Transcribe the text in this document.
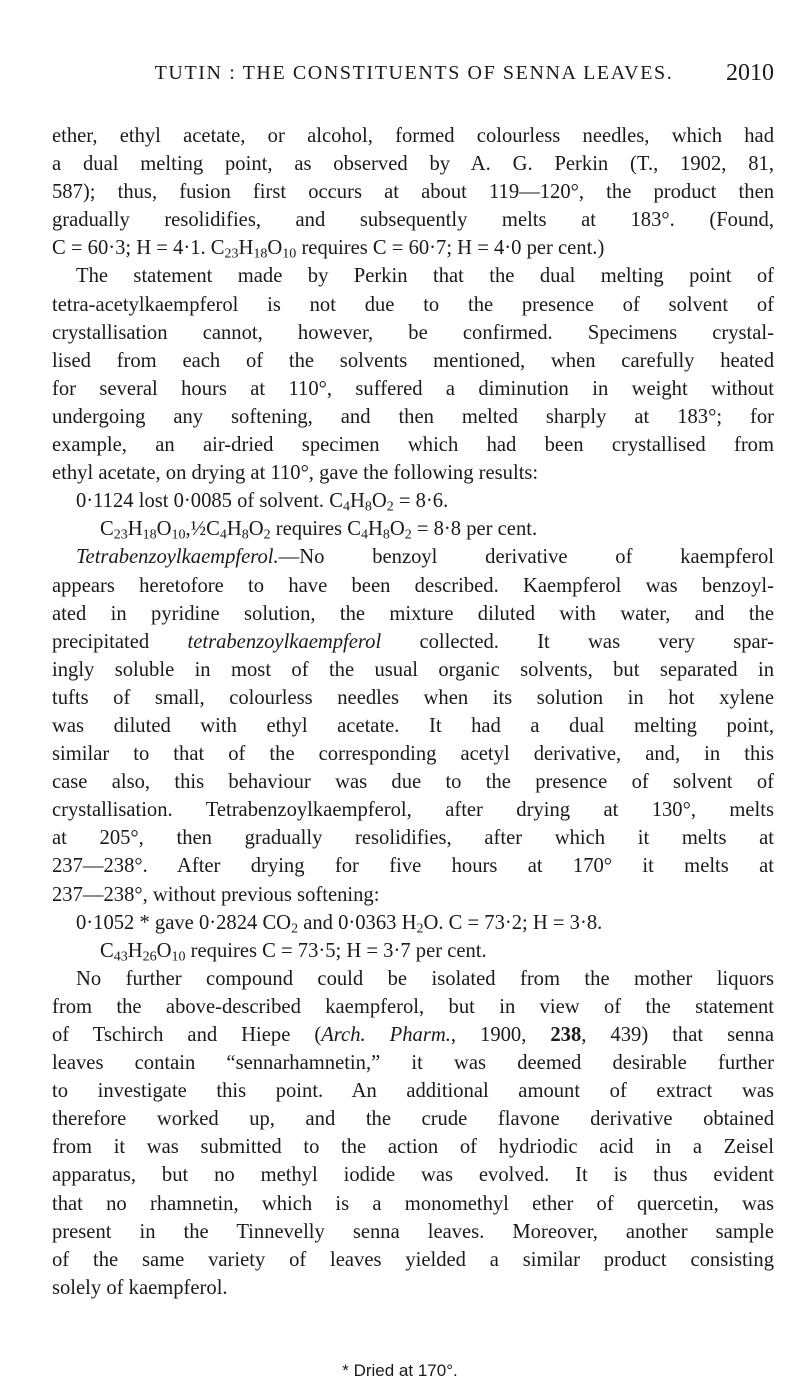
TUTIN : THE CONSTITUENTS OF SENNA LEAVES.	2010
ether, ethyl acetate, or alcohol, formed colourless needles, which had
a dual melting point, as observed by A. G. Perkin (T., 1902, 81,
587); thus, fusion first occurs at about 119—120°, the product then
gradually resolidifies, and subsequently melts at 183°. (Found,
C = 60·3; H = 4·1. $C_{23}H_{18}O_{10}$ requires C = 60·7; H = 4·0 per cent.)
The statement made by Perkin that the dual melting point of
tetra-acetylkaempferol is not due to the presence of solvent of
crystallisation cannot, however, be confirmed. Specimens crystal-
lised from each of the solvents mentioned, when carefully heated
for several hours at 110°, suffered a diminution in weight without
undergoing any softening, and then melted sharply at 183°; for
example, an air-dried specimen which had been crystallised from
ethyl acetate, on drying at 110°, gave the following results:
0·1124 lost 0·0085 of solvent. $C_4H_8O_2 = 8\cdot 6$.
$C_{23}H_{18}O_{10},\frac{1}{2}C_4H_8O_2$ requires $C_4H_8O_2 = 8\cdot 8$ per cent.
Tetrabenzoylkaempferol.—No benzoyl derivative of kaempferol
appears heretofore to have been described. Kaempferol was benzoyl-
ated in pyridine solution, the mixture diluted with water, and the
precipitated tetrabenzoylkaempferol collected. It was very spar-
ingly soluble in most of the usual organic solvents, but separated in
tufts of small, colourless needles when its solution in hot xylene
was diluted with ethyl acetate. It had a dual melting point,
similar to that of the corresponding acetyl derivative, and, in this
case also, this behaviour was due to the presence of solvent of
crystallisation. Tetrabenzoylkaempferol, after drying at 130°, melts
at 205°, then gradually resolidifies, after which it melts at
237—238°. After drying for five hours at 170° it melts at
237—238°, without previous softening:
0·1052 * gave 0·2824 $CO_2$ and 0·0363 $H_2O$. C = 73·2; H = 3·8.
$C_{43}H_{26}O_{10}$ requires C = 73·5; H = 3·7 per cent.
No further compound could be isolated from the mother liquors
from the above-described kaempferol, but in view of the statement
of Tschirch and Hiepe (Arch. Pharm., 1900, 238, 439) that senna
leaves contain “sennarhamnetin,” it was deemed desirable further
to investigate this point. An additional amount of extract was
therefore worked up, and the crude flavone derivative obtained
from it was submitted to the action of hydriodic acid in a Zeisel
apparatus, but no methyl iodide was evolved. It is thus evident
that no rhamnetin, which is a monomethyl ether of quercetin, was
present in the Tinnevelly senna leaves. Moreover, another sample
of the same variety of leaves yielded a similar product consisting
solely of kaempferol.
* Dried at 170°.
